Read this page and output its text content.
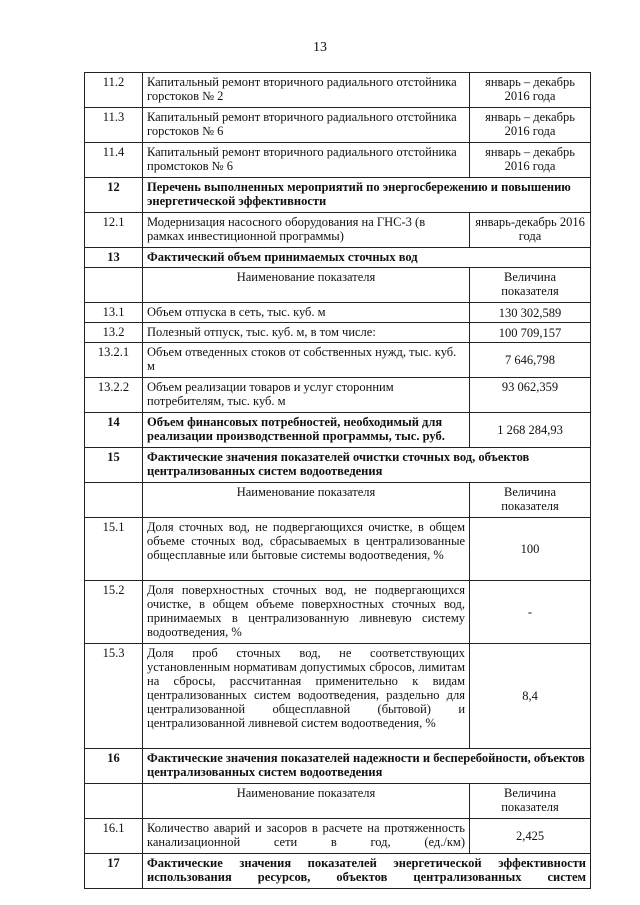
13
11.2	Капитальный ремонт вторичного радиального отстойника горстоков № 2	январь – декабрь 2016 года
11.3	Капитальный ремонт вторичного радиального отстойника горстоков № 6	январь – декабрь 2016 года
11.4	Капитальный ремонт вторичного радиального отстойника промстоков № 6	январь – декабрь 2016 года
12	Перечень выполненных мероприятий по энергосбережению и повышению энергетической эффективности	
12.1	Модернизация насосного оборудования на ГНС-3 (в рамках инвестиционной программы)	январь-декабрь 2016 года
13	Фактический объем принимаемых сточных вод	
	Наименование показателя	Величина показателя
13.1	Объем отпуска в сеть, тыс. куб. м	130 302,589
13.2	Полезный отпуск, тыс. куб. м, в том числе:	100 709,157
13.2.1	Объем отведенных стоков от собственных нужд, тыс. куб. м	7 646,798
13.2.2	Объем реализации товаров и услуг сторонним потребителям, тыс. куб. м	93 062,359
14	Объем финансовых потребностей, необходимый для реализации производственной программы, тыс. руб.	1 268 284,93
15	Фактические значения показателей очистки сточных вод, объектов централизованных систем водоотведения	
	Наименование показателя	Величина показателя
15.1	Доля сточных вод, не подвергающихся очистке, в общем объеме сточных вод, сбрасываемых в централизованные общесплавные или бытовые системы водоотведения, %	100
15.2	Доля поверхностных сточных вод, не подвергающихся очистке, в общем объеме поверхностных сточных вод, принимаемых в централизованную ливневую систему водоотведения, %	-
15.3	Доля проб сточных вод, не соответствующих установленным нормативам допустимых сбросов, лимитам на сбросы, рассчитанная применительно к видам централизованных систем водоотведения, раздельно для централизованной общесплавной (бытовой) и централизованной ливневой систем водоотведения, %	8,4
16	Фактические значения показателей надежности и бесперебойности, объектов централизованных систем водоотведения	
	Наименование показателя	Величина показателя
16.1	Количество аварий и засоров в расчете на протяженность канализационной сети в год, (ед./км)	2,425
17	Фактические значения показателей энергетической эффективности использования ресурсов, объектов централизованных систем	
